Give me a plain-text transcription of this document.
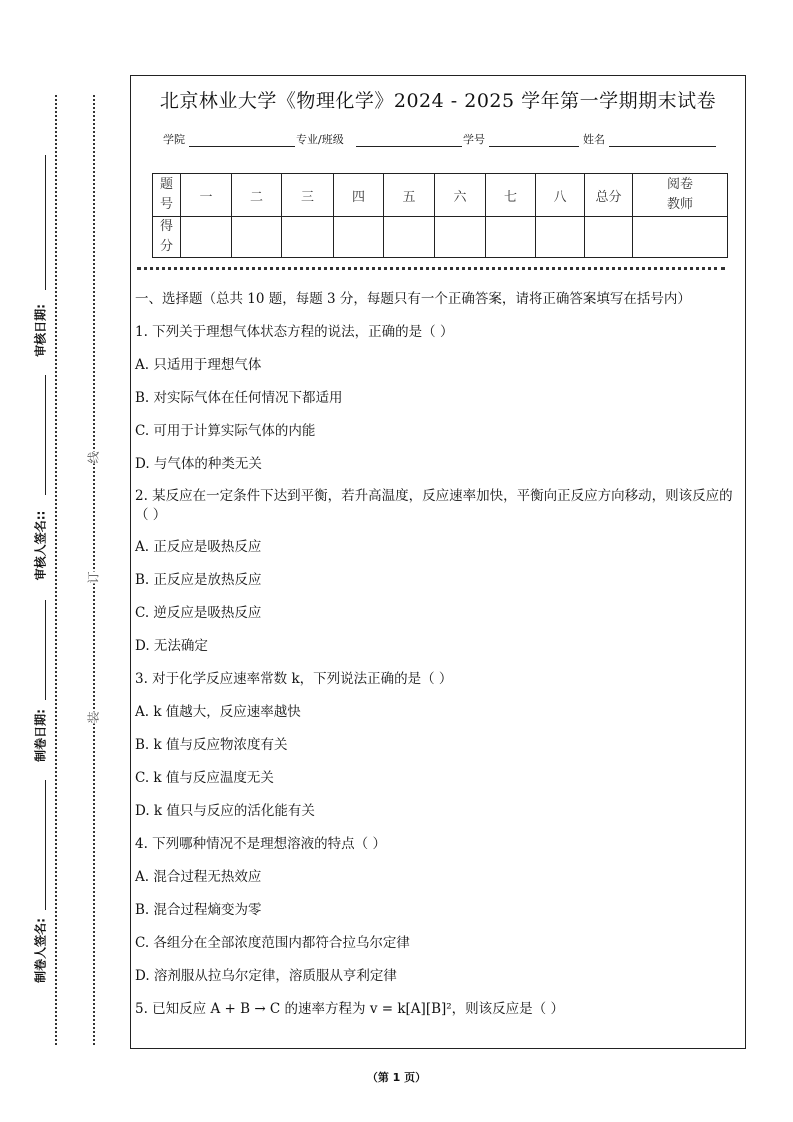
审核日期:
审核人签名::
制卷日期:
制卷人签名:
线
订
装
北京林业大学《物理化学》2024 - 2025 学年第一学期期末试卷
学院	专业/班级	学号	姓名
题号	一	二	三	四	五	六	七	八	总分	阅卷教师
得分										
一、选择题（总共 10 题，每题 3 分，每题只有一个正确答案，请将正确答案填写在括号内）
1. 下列关于理想气体状态方程的说法，正确的是（ ）
A. 只适用于理想气体
B. 对实际气体在任何情况下都适用
C. 可用于计算实际气体的内能
D. 与气体的种类无关
2. 某反应在一定条件下达到平衡，若升高温度，反应速率加快，平衡向正反应方向移动，则该反应的（ ）
A. 正反应是吸热反应
B. 正反应是放热反应
C. 逆反应是吸热反应
D. 无法确定
3. 对于化学反应速率常数 k，下列说法正确的是（ ）
A. k 值越大，反应速率越快
B. k 值与反应物浓度有关
C. k 值与反应温度无关
D. k 值只与反应的活化能有关
4. 下列哪种情况不是理想溶液的特点（ ）
A. 混合过程无热效应
B. 混合过程熵变为零
C. 各组分在全部浓度范围内都符合拉乌尔定律
D. 溶剂服从拉乌尔定律，溶质服从亨利定律
5. 已知反应 A + B → C 的速率方程为 v = k[A][B]²，则该反应是（ ）
（第 1 页）
